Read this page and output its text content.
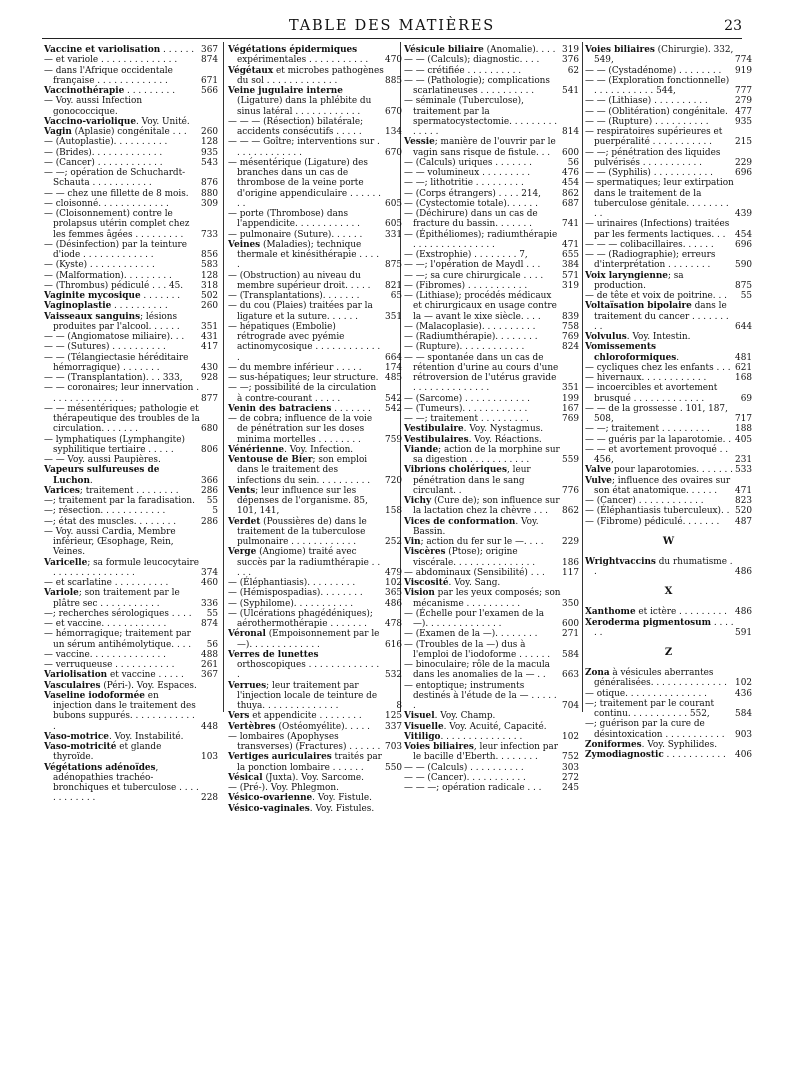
TABLE DES MATIÈRES	23
Vaccine et variolisation . . . . . . 367
— et variole . . . . . . . . . . . . . .	874
— dans l'Afrique occidentale française . . . . . . . . . . . . .	671
Vaccinothérapie . . . . . . . . .	566
— Voy. aussi Infection gonococcique.
Vaccino-variolique. Voy. Unité.
Vagin (Aplasie) congénitale . . . 260
— (Autoplastie). . . . . . . . . .	128
— (Brides). . . . . . . . . . . . .	935
— (Cancer) . . . . . . . . . . . .	543
— —; opération de Schuchardt-Schauta . . . . . . . . . . .	876
— — chez une fillette de 8 mois. 880
— cloisonné. . . . . . . . . . . . .	309
— (Cloisonnement) contre le prolapsus utérin complet chez les femmes âgées . . . . . . . . . 733
— (Désinfection) par la teinture d'iode . . . . . . . . . . . . .	856
— (Kyste) . . . . . . . . . . . .	583
— (Malformation). . . . . . . . .	128
— (Thrombus) pédiculé . . . 45. 318
Vaginite mycosique . . . . . . . 502
Vaginoplastie . . . . . . . . . .	260
Vaisseaux sanguins; lésions produites par l'alcool. . . . . . 351
— — (Angiomatose miliaire). . . 431
— — (Sutures) . . . . . . . . . .	417
— — (Télangiectasie héréditaire hémorragique) . . . . . . .	430
— — (Transplantation). . . 333, 928
— — coronaires; leur innervation . . . . . . . . . . . . . .	877
— — mésentériques; pathologie et thérapeutique des troubles de la circulation. . . . . . .	680
— lymphatiques (Lymphangite) syphilitique tertiaire . . . . .	806
— — Voy. aussi Paupières.
Vapeurs sulfureuses de Luchon.	366
Varices; traitement . . . . . . . .	286
—; traitement par la faradisation. 55
—; résection. . . . . . . . . . . .	5
—; état des muscles. . . . . . . .	286
— Voy. aussi Cardia, Membre inférieur, Œsophage, Rein, Veines.
Varicelle; sa formule leucocytaire . . . . . . . . . . . . . . .	374
— et scarlatine . . . . . . . . . .	460
Variole; son traitement par le plâtre sec . . . . . . . . . . .	336
—; recherches sérologiques . . . . 55
— et vaccine. . . . . . . . . . . .	874
— hémorragique; traitement par un sérum antihémolytique. . . . 56
— vaccine. . . . . . . . . . . . . .	488
— verruqueuse . . . . . . . . . . .	261
Variolisation et vaccine . . . . . 367
Vasculaires (Péri-). Voy. Espaces.
Vaseline iodoformée en injection dans le traitement des bubons suppurés. . . . . . . . . . . . .	448
Vaso-motrice. Voy. Instabilité.
Vaso-motricité et glande thyroïde.	103
Végétations adénoïdes, adénopathies trachéo-bronchiques et tuberculose . . . . . . . . . . . .	228
Végétations épidermiques expérimentales . . . . . . . . . . . 470
Végétaux et microbes pathogènes du sol . . . . . . . . . . . . .	885
Veine jugulaire interne (Ligature) dans la phlébite du sinus latéral . . . . . . . . . . . .	670
— — — (Résection) bilatérale; accidents consécutifs . . . . .	134
— — — Goître; interventions sur . . . . . . . . . . . . .	670
— mésentérique (Ligature) des branches dans un cas de thrombose de la veine porte d'origine appendiculaire . . . . . . . .	605
— porte (Thrombose) dans l'appendicite. . . . . . . . . . . .	605
— pulmonaire (Suture). . . . . .	331
Veines (Maladies); technique thermale et kinésithérapie . . . . .	875
— (Obstruction) au niveau du membre supérieur droit. . . . . 821
— (Transplantations). . . . . . .	65
— du cou (Plaies) traitées par la ligature et la suture. . . . . .	351
— hépatiques (Embolie) rétrograde avec pyémie actinomycosique . . . . . . . . . . . . .	664
— du membre inférieur . . . . .	174
— sus-hépatiques; leur structure. 485
— —; possibilité de la circulation à contre-courant . . . . .	542
Venin des batraciens . . . . . . . 542
— de cobra; influence de la voie de pénétration sur les doses minima mortelles . . . . . . . .	759
Vénérienne. Voy. Infection.
Ventouse de Bier; son emploi dans le traitement des infections du sein. . . . . . . . . . 720
Vents; leur influence sur les dépenses de l'organisme. 85, 101, 141,	158
Verdet (Poussières de) dans le traitement de la tuberculose pulmonaire . . . . . . . . . . . .	252
Verge (Angiome) traité avec succès par la radiumthérapie . . . . .	479
— (Éléphantiasis). . . . . . . . .	102
— (Hémispospadias). . . . . . . .	365
— (Syphilome). . . . . . . . . . .	486
— (Ulcérations phagédéniques); aérothermothérapie . . . . . . . 478
Véronal (Empoisonnement par le —). . . . . . . . . . . . .	616
Verres de lunettes orthoscopiques . . . . . . . . . . . . . .	532
Verrues; leur traitement par l'injection locale de teinture de thuya. . . . . . . . . . . . . .	8
Vers et appendicite . . . . . . . .	125
Vertèbres (Ostéomyélite). . . . . 337
— lombaires (Apophyses transverses) (Fractures) . . . . . . 703
Vertiges auriculaires traités par la ponction lombaire . . . . . . 550
Vésical (Juxta). Voy. Sarcome.
— (Pré-). Voy. Phlegmon.
Vésico-ovarienne. Voy. Fistule.
Vésico-vaginales. Voy. Fistules.
Vésicule biliaire (Anomalie). . . . 319
— — (Calculs); diagnostic. . . .	376
— — crétifiée . . . . . . . . . .	62
— — (Pathologie); complications scarlatineuses . . . . . . . . . .	541
— séminale (Tuberculose), traitement par la spermatocystectomie. . . . . . . . . . . . . .	814
Vessie; manière de l'ouvrir par le vagin sans risque de fistule. . . 600
— (Calculs) uriques . . . . . . .	56
— — volumineux . . . . . . . . .	476
— —; lithotritie . . . . . . . . .	454
— (Corps étrangers) . . . . 214, 862
— (Cystectomie totale). . . . . .	687
— (Déchirure) dans un cas de fracture du bassin. . . . . . .	741
— (Épithéliomes); radiumthérapie . . . . . . . . . . . . . . .	471
— (Exstrophie) . . . . . . . . 7,	655
— —; l'opération de Maydl . . . 384
— —; sa cure chirurgicale . . . . 571
— (Fibromes) . . . . . . . . . . .	319
— (Lithiase); procédés médicaux et chirurgicaux en usage contre la — avant le xixe siècle. . . . 839
— (Malacoplasie). . . . . . . . . .	758
— (Radiumthérapie). . . . . . . .	769
— (Rupture). . . . . . . . . . . .	824
— — spontanée dans un cas de rétention d'urine au cours d'une rétroversion de l'utérus gravide . . . . . . . . . . . . . .	351
— (Sarcome) . . . . . . . . . . . .	199
— (Tumeurs). . . . . . . . . . . .	167
— —; traitement . . . . . . . . .	769
Vestibulaire. Voy. Nystagmus.
Vestibulaires. Voy. Réactions.
Viande; action de la morphine sur sa digestion . . . . . . . . . . .	559
Vibrions cholériques, leur pénétration dans le sang circulant. .	776
Vichy (Cure de); son influence sur la lactation chez la chèvre . . . 862
Vices de conformation. Voy. Bassin.
Vin; action du fer sur le —. . . . 229
Viscères (Ptose); origine viscérale. . . . . . . . . . . . . . .	186
— abdominaux (Sensibilité) . . . 117
Viscosité. Voy. Sang.
Vision par les yeux composés; son mécanisme . . . . . . . . . .	350
— (Échelle pour l'examen de la —). . . . . . . . . . . . . .	600
— (Examen de la —). . . . . . . .	271
— (Troubles de la —) dus à l'emploi de l'iodoforme . . . . . . 584
— binoculaire; rôle de la macula dans les anomalies de la — . . 663
— entoptique; instruments destinés à l'étude de la — . . . . . .	704
Visuel. Voy. Champ.
Visuelle. Voy. Acuité, Capacité.
Vitiligo. . . . . . . . . . . . . . .	102
Voies biliaires, leur infection par le bacille d'Eberth. . . . . . . .	752
— — (Calculs) . . . . . . . . . .	303
— — (Cancer). . . . . . . . . . .	272
— — —; opération radicale . . . 245
Voies biliaires (Chirurgie). 332, 549,	774
— — (Cystadénome) . . . . . . . . 919
— — (Exploration fonctionnelle) . . . . . . . . . . . 544,	777
— — (Lithiase) . . . . . . . . . .	279
— — (Oblitération) congénitale. 477
— — (Rupture) . . . . . . . . . .	935
— respiratoires supérieures et puerpéralité . . . . . . . . . . .	215
— —; pénétration des liquides pulvérisés . . . . . . . . . . .	229
— — (Syphilis) . . . . . . . . . . . 696
— spermatiques; leur extirpation dans le traitement de la tuberculose génitale. . . . . . . . . .	439
— urinaires (Infections) traitées par les ferments lactiques. . . 454
— — — colibacillaires. . . . . . 696
— — (Radiographie); erreurs d'interprétation . . . . . . . .	590
Voix laryngienne; sa production.	875
— de tête et voix de poitrine. . . 55
Voltaïsation bipolaire dans le traitement du cancer . . . . . . . . .	644
Volvulus. Voy. Intestin.
Vomissements chloroformiques.	481
— cycliques chez les enfants . . . 621
— hivernaux. . . . . . . . . . . .	168
— incoercibles et avortement brusqué . . . . . . . . . . . . .	69
— — de la grossesse . 101, 187, 508,	717
— —; traitement . . . . . . . . .	188
— — guéris par la laparotomie. . 405
— — et avortement provoqué . . 456,	231
Valve pour laparotomies. . . . . . . 533
Vulve; influence des ovaires sur son état anatomique. . . . . . 471
— (Cancer) . . . . . . . . . . . .	823
— (Éléphantiasis tuberculeux). . 520
— (Fibrome) pédiculé. . . . . . . 487
W
Wrightvaccins du rhumatisme . .	486
X
Xanthome et ictère . . . . . . . . . 486
Xeroderma pigmentosum . . . . . .	591
Z
Zona à vésicules aberrantes généralisées. . . . . . . . . . . . . . 102
— otique. . . . . . . . . . . . . . .	436
—; traitement par le courant continu. . . . . . . . . . . 552,	584
—; guérison par la cure de désintoxication . . . . . . . . . . . 903
Zoniformes. Voy. Syphilides.
Zymodiagnostic . . . . . . . . . . . 406
